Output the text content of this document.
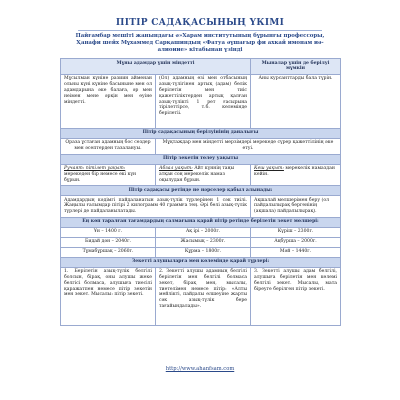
ПІТІР САДАҚАСЫНЫҢ ҮКІМІ
Пайғамбар мешіті жанындағы ә»Харам институтының бұрынғы профессоры, Ҳанафи шейх Мұхаммед Сарқашиндың «Фатуа әүшағыр фи ахкай имонам иә-алиоиие» кітабынан үзінді
Мұны адамдар үшін міндетті		Мыналар үшін де берілуі мүмкін
Мұсылман күніне разиин айменан ольны күні күніне басыныне мен ол адамдарына әке балаға, әр мен неімен мене әрқін мен өуіне міндетті.	(Ол) адамның өзі мен отбасының азық-түлігінен артық (адам) бөлік берілетін мен тиіс қажеттіліктерден артық қалған азық-түлікті 1 рет ғасырына тірілеттірсе, т.б. көлемінде берілетіі.	Аны курсанттарды бала түрін.
Пітір садақасының берілуінінің даналығы		
Оразa ұстаған адамның бос сөздер мен әсептерден тазалануы.	Мұқтаждар мен міндетті мерзімдері мерекеде сүрер қажеттілінің әке етуі.	
Пітір зекетін төлеу уақыты		
Ручаят: пітілет уақыт: мерекеден бір немесе екі күн бұрын.	Абзал уақыт: Айт күннің таңы атқан соң мерекелік намаз оқылудан бұрын.	Кеш уақыт: мерекелік намаздан кейін.
Пітір садақасы ретінде не нәрселер қабыл алынады:		
Адамдардың кәдімгі пайдаланатын азық-түлік түрлерінен 1 сәк тиілі. Жаңылы ғалымдар пітірі 2 килограмм 40 граммға тең. Әрі бөлі азық-түлік түрлері де пайдаланылатады.		Ақшалай мөлшерімен беру (ол пайдалылырақ бергенінің (ақшала) пайдалылырақ).
Ең көп таралған тағамдардың салмағына қарай пітір ретінде берілетін зекет мөлшері:		
Ұн – 1400 г.	Ақ ірі – 2000г.	Күріш – 2300г.
Бидай дән – 2040г.	Жасымық – 2300г.	Ақбурша – 2000г.
Тұмабұршақ – 2060г.	Құрма – 1800г.	Мәй – 1440г.
Зекетті алушыларға мен көлемінде қарай тұрлері:		
1. Берілетін азық-түлік белгілі болсын, бірақ, оны алушы жеке белгісі болмаса, алушыға тиесілі қаражатпен немесе пітір зекетін мен зекет. Мысалы: пітір зекеті.	2. Зекетті алушы адамның белгілі берілетін мен белгілі болмаса зекет, бірақ мен, мысалы, тиетелімен немесе пітір: «Алты мейлікті, пайдалы өлшеуіне жарты сәк азық-түлік бере тағайындалады».	3. Зекетті алушы адам белгілі, алушыға берілетін мен көлемі белгілі зекет. Мысалы, мата біреуге берілген пітір зекеті.
http://www.ahanfsam.com
